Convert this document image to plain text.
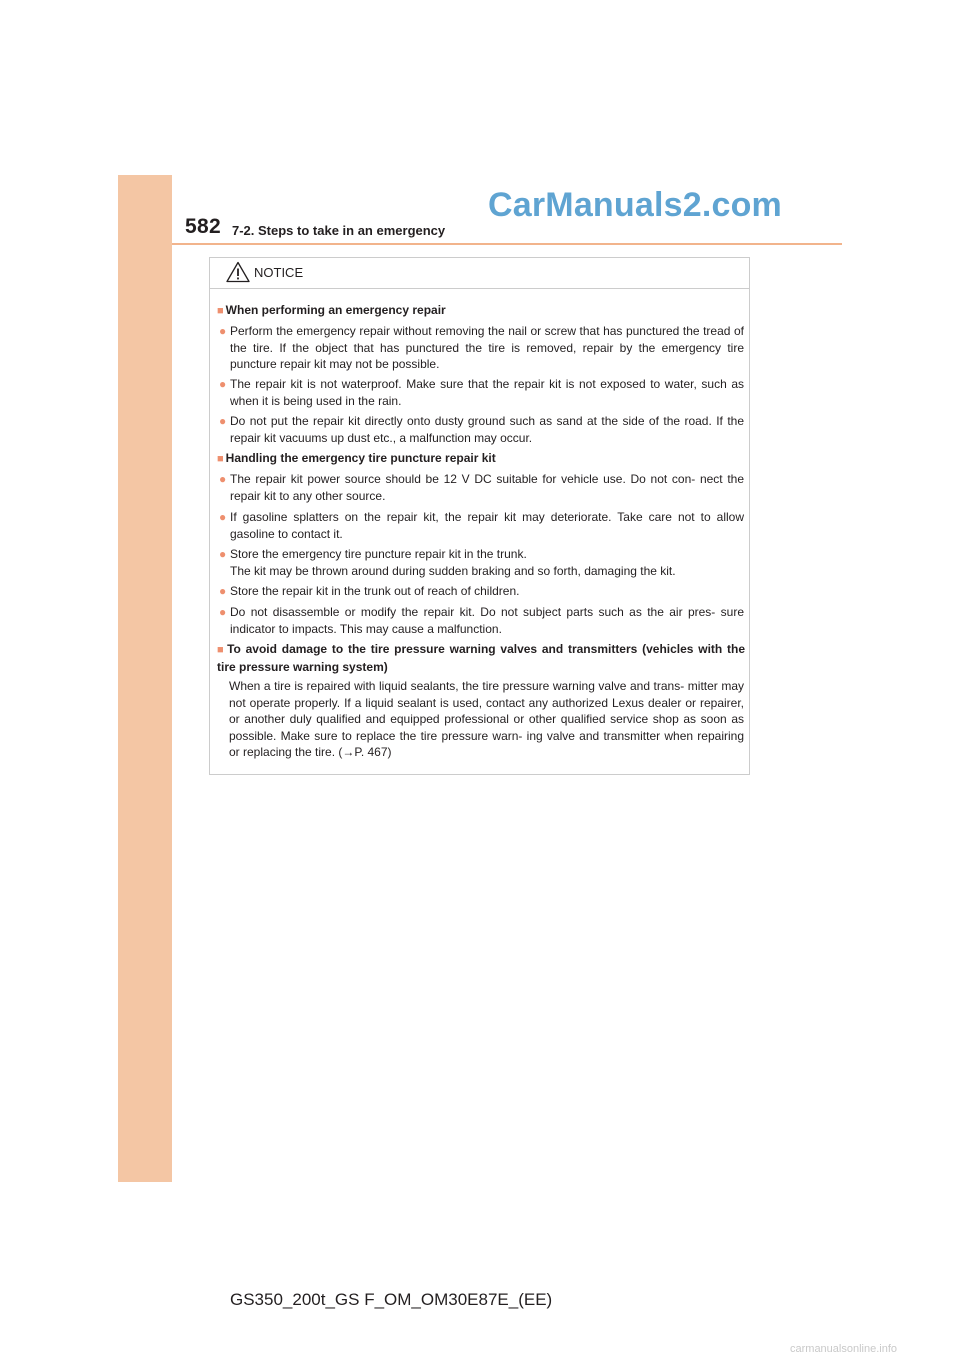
582 7-2. Steps to take in an emergency
CarManuals2.com
NOTICE
■ When performing an emergency repair
● Perform the emergency repair without removing the nail or screw that has punctured the tread of the tire. If the object that has punctured the tire is removed, repair by the emergency tire puncture repair kit may not be possible.
● The repair kit is not waterproof. Make sure that the repair kit is not exposed to water, such as when it is being used in the rain.
● Do not put the repair kit directly onto dusty ground such as sand at the side of the road. If the repair kit vacuums up dust etc., a malfunction may occur.
■ Handling the emergency tire puncture repair kit
● The repair kit power source should be 12 V DC suitable for vehicle use. Do not con- nect the repair kit to any other source.
● If gasoline splatters on the repair kit, the repair kit may deteriorate. Take care not to allow gasoline to contact it.
● Store the emergency tire puncture repair kit in the trunk.
The kit may be thrown around during sudden braking and so forth, damaging the kit.
● Store the repair kit in the trunk out of reach of children.
● Do not disassemble or modify the repair kit. Do not subject parts such as the air pres- sure indicator to impacts. This may cause a malfunction.
■ To avoid damage to the tire pressure warning valves and transmitters (vehicles with the tire pressure warning system)
When a tire is repaired with liquid sealants, the tire pressure warning valve and trans- mitter may not operate properly. If a liquid sealant is used, contact any authorized Lexus dealer or repairer, or another duly qualified and equipped professional or other qualified service shop as soon as possible. Make sure to replace the tire pressure warn- ing valve and transmitter when repairing or replacing the tire. (→P. 467)
GS350_200t_GS F_OM_OM30E87E_(EE)
carmanualsonline.info
